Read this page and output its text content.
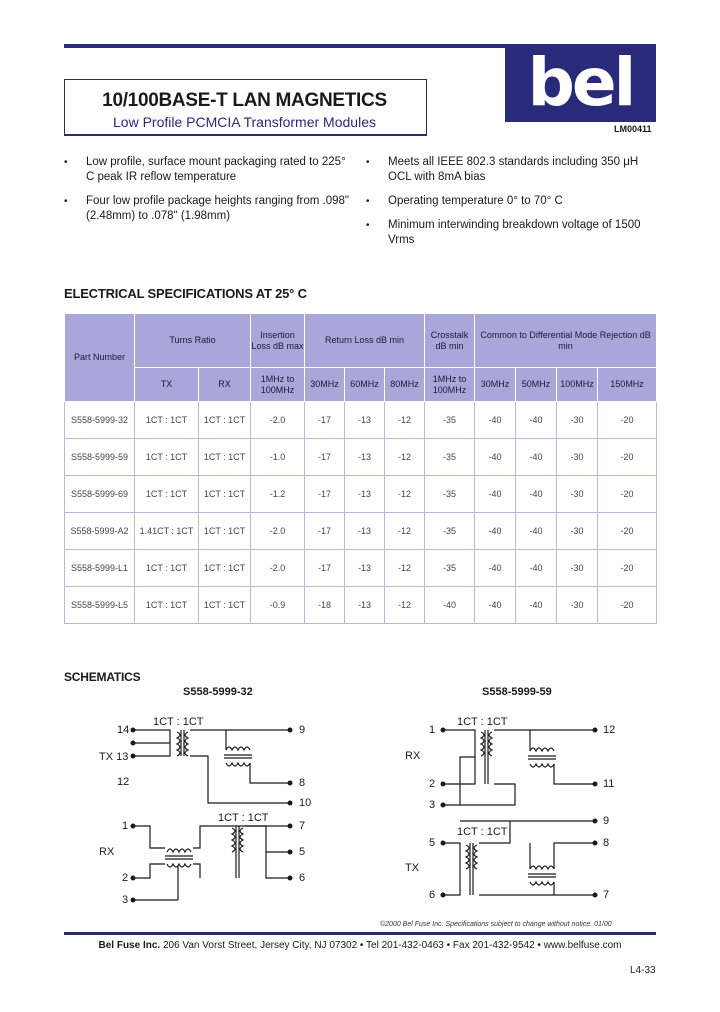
bel
10/100BASE-T LAN MAGNETICS
Low Profile PCMCIA Transformer Modules	LM00411
• Low profile, surface mount packaging rated to 225° C peak IR reflow temperature
• Four low profile package heights ranging from .098" (2.48mm) to .078" (1.98mm)
• Meets all IEEE 802.3 standards including 350 μH OCL with 8mA bias
• Operating temperature 0° to 70° C
• Minimum interwinding breakdown voltage of 1500 Vrms
ELECTRICAL SPECIFICATIONS AT 25° C
Part Number	Turns Ratio		Insertion Loss dB max	Return Loss dB min			Crosstalk dB min	Common to Differential Mode Rejection dB min			
	TX	RX	1MHz to 100MHz	30MHz	60MHz	80MHz	1MHz to 100MHz	30MHz	50MHz	100MHz	150MHz
S558-5999-32	1CT : 1CT	1CT : 1CT	-2.0	-17	-13	-12	-35	-40	-40	-30	-20
S558-5999-59	1CT : 1CT	1CT : 1CT	-1.0	-17	-13	-12	-35	-40	-40	-30	-20
S558-5999-69	1CT : 1CT	1CT : 1CT	-1.2	-17	-13	-12	-35	-40	-40	-30	-20
S558-5999-A2	1.41CT : 1CT	1CT : 1CT	-2.0	-17	-13	-12	-35	-40	-40	-30	-20
S558-5999-L1	1CT : 1CT	1CT : 1CT	-2.0	-17	-13	-12	-35	-40	-40	-30	-20
S558-5999-L5	1CT : 1CT	1CT : 1CT	-0.9	-18	-13	-12	-40	-40	-40	-30	-20
SCHEMATICS
S558-5999-32	S558-5999-59
1CT : 1CT
14
TX 13
12
9
8
10
1CT : 1CT
1
RX
2
3
7
5
6
1CT : 1CT
1
RX
2
3
12
11
9
1CT : 1CT
5
TX
6
8
7
©2000 Bel Fuse Inc. Specifications subject to change without notice. 01/00
Bel Fuse Inc. 206 Van Vorst Street, Jersey City, NJ 07302 • Tel 201-432-0463 • Fax 201-432-9542 • www.belfuse.com
L4-33
